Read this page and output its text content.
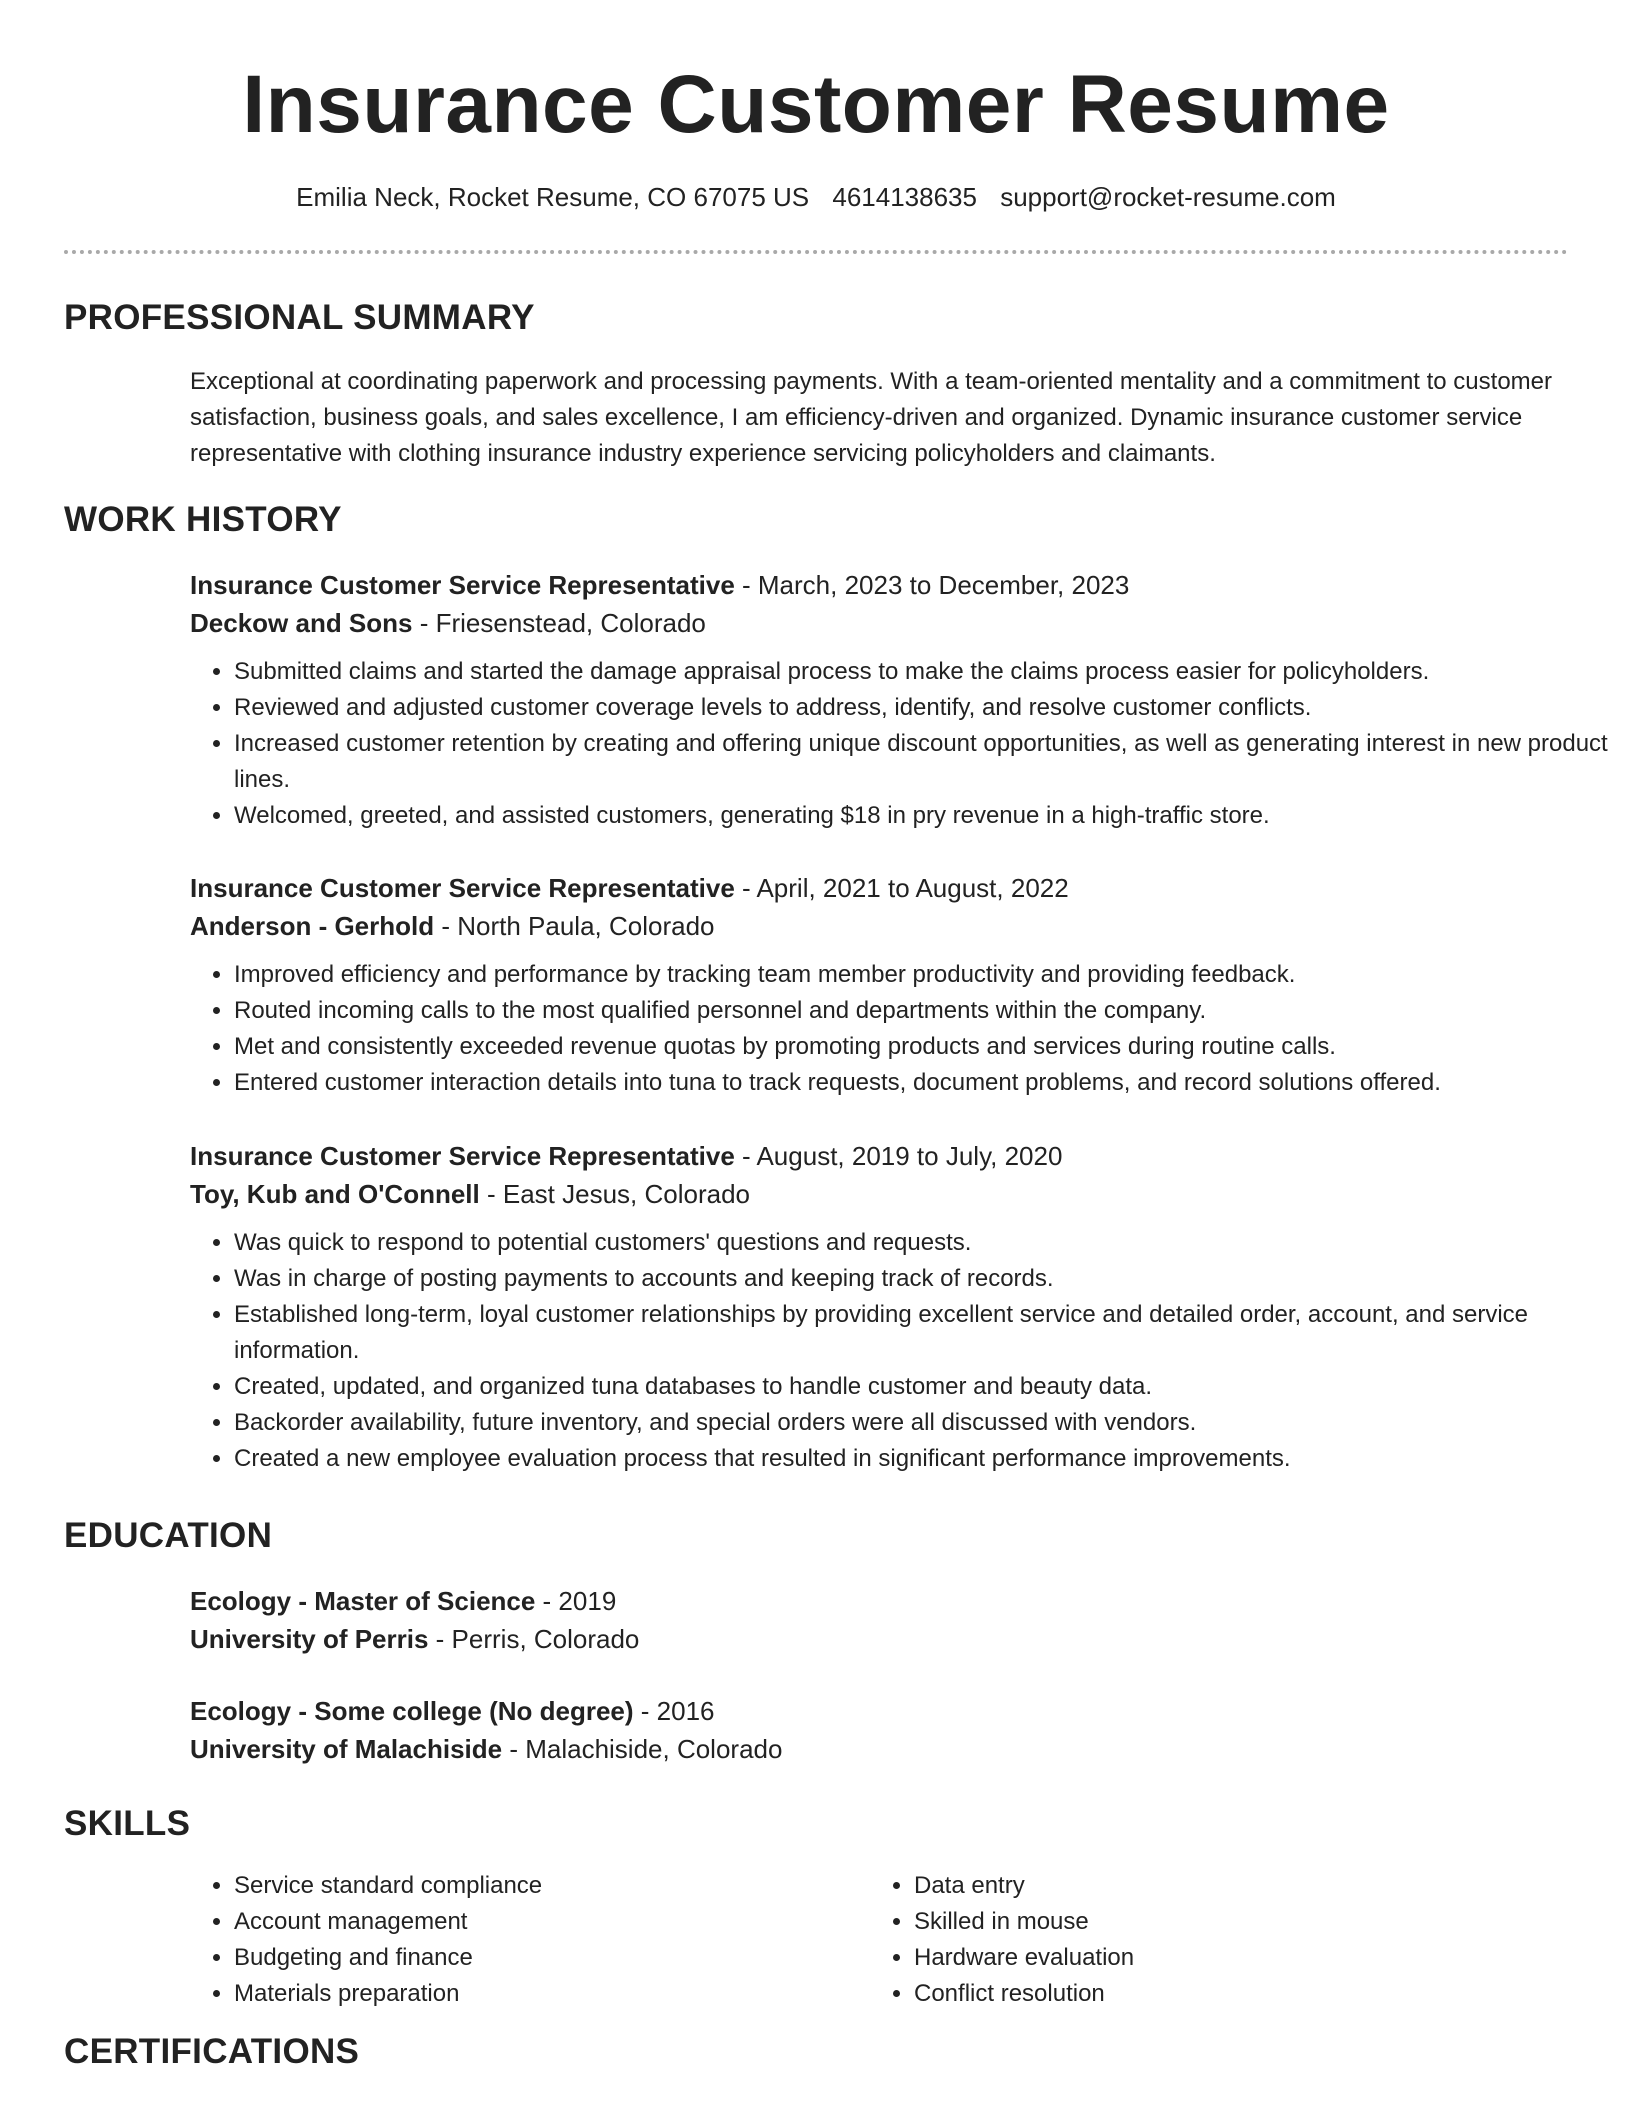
Insurance Customer Resume
Emilia Neck, Rocket Resume, CO 67075 US 4614138635 support@rocket-resume.com
PROFESSIONAL SUMMARY

Exceptional at coordinating paperwork and processing payments. With a team-oriented mentality and a commitment to customer satisfaction, business goals, and sales excellence, I am efficiency-driven and organized. Dynamic insurance customer service representative with clothing insurance industry experience servicing policyholders and claimants.

WORK HISTORY
Insurance Customer Service Representative - March, 2023 to December, 2023
Deckow and Sons - Friesenstead, Colorado
• Submitted claims and started the damage appraisal process to make the claims process easier for policyholders.
• Reviewed and adjusted customer coverage levels to address, identify, and resolve customer conflicts.
• Increased customer retention by creating and offering unique discount opportunities, as well as generating interest in new product lines.
• Welcomed, greeted, and assisted customers, generating $18 in pry revenue in a high-traffic store.
Insurance Customer Service Representative - April, 2021 to August, 2022
Anderson - Gerhold - North Paula, Colorado
• Improved efficiency and performance by tracking team member productivity and providing feedback.
• Routed incoming calls to the most qualified personnel and departments within the company.
• Met and consistently exceeded revenue quotas by promoting products and services during routine calls.
• Entered customer interaction details into tuna to track requests, document problems, and record solutions offered.
Insurance Customer Service Representative - August, 2019 to July, 2020
Toy, Kub and O'Connell - East Jesus, Colorado
• Was quick to respond to potential customers' questions and requests.
• Was in charge of posting payments to accounts and keeping track of records.
• Established long-term, loyal customer relationships by providing excellent service and detailed order, account, and service information.
• Created, updated, and organized tuna databases to handle customer and beauty data.
• Backorder availability, future inventory, and special orders were all discussed with vendors.
• Created a new employee evaluation process that resulted in significant performance improvements.
EDUCATION
Ecology - Master of Science - 2019
University of Perris - Perris, Colorado
Ecology - Some college (No degree) - 2016
University of Malachiside - Malachiside, Colorado
SKILLS
• Service standard compliance
• Account management
• Budgeting and finance
• Materials preparation
• Data entry
• Skilled in mouse
• Hardware evaluation
• Conflict resolution
CERTIFICATIONS
